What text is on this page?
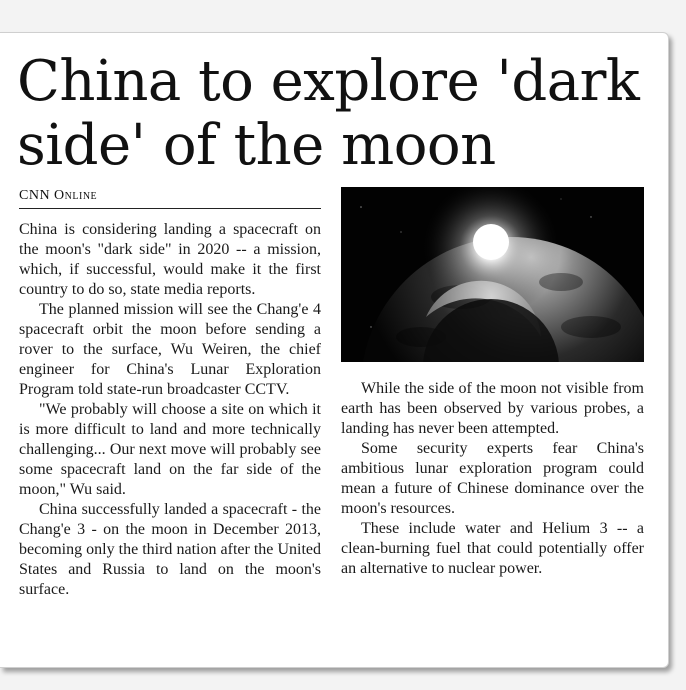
China to explore 'dark side' of the moon
CNN Online

China is considering landing a spacecraft on the moon's "dark side" in 2020 -- a mission, which, if successful, would make it the first country to do so, state media reports.

The planned mission will see the Chang'e 4 spacecraft orbit the moon before sending a rover to the surface, Wu Weiren, the chief engineer for China's Lunar Exploration Program told state-run broadcaster CCTV.

"We probably will choose a site on which it is more difficult to land and more technically challenging... Our next move will probably see some spacecraft land on the far side of the moon," Wu said.

China successfully landed a spacecraft - the Chang'e 3 - on the moon in December 2013, becoming only the third nation after the United States and Russia to land on the moon's surface.

While the side of the moon not visible from earth has been observed by various probes, a landing has never been attempted.

Some security experts fear China's ambitious lunar exploration program could mean a future of Chinese dominance over the moon's resources.

These include water and Helium 3 -- a clean-burning fuel that could potentially offer an alternative to nuclear power.
